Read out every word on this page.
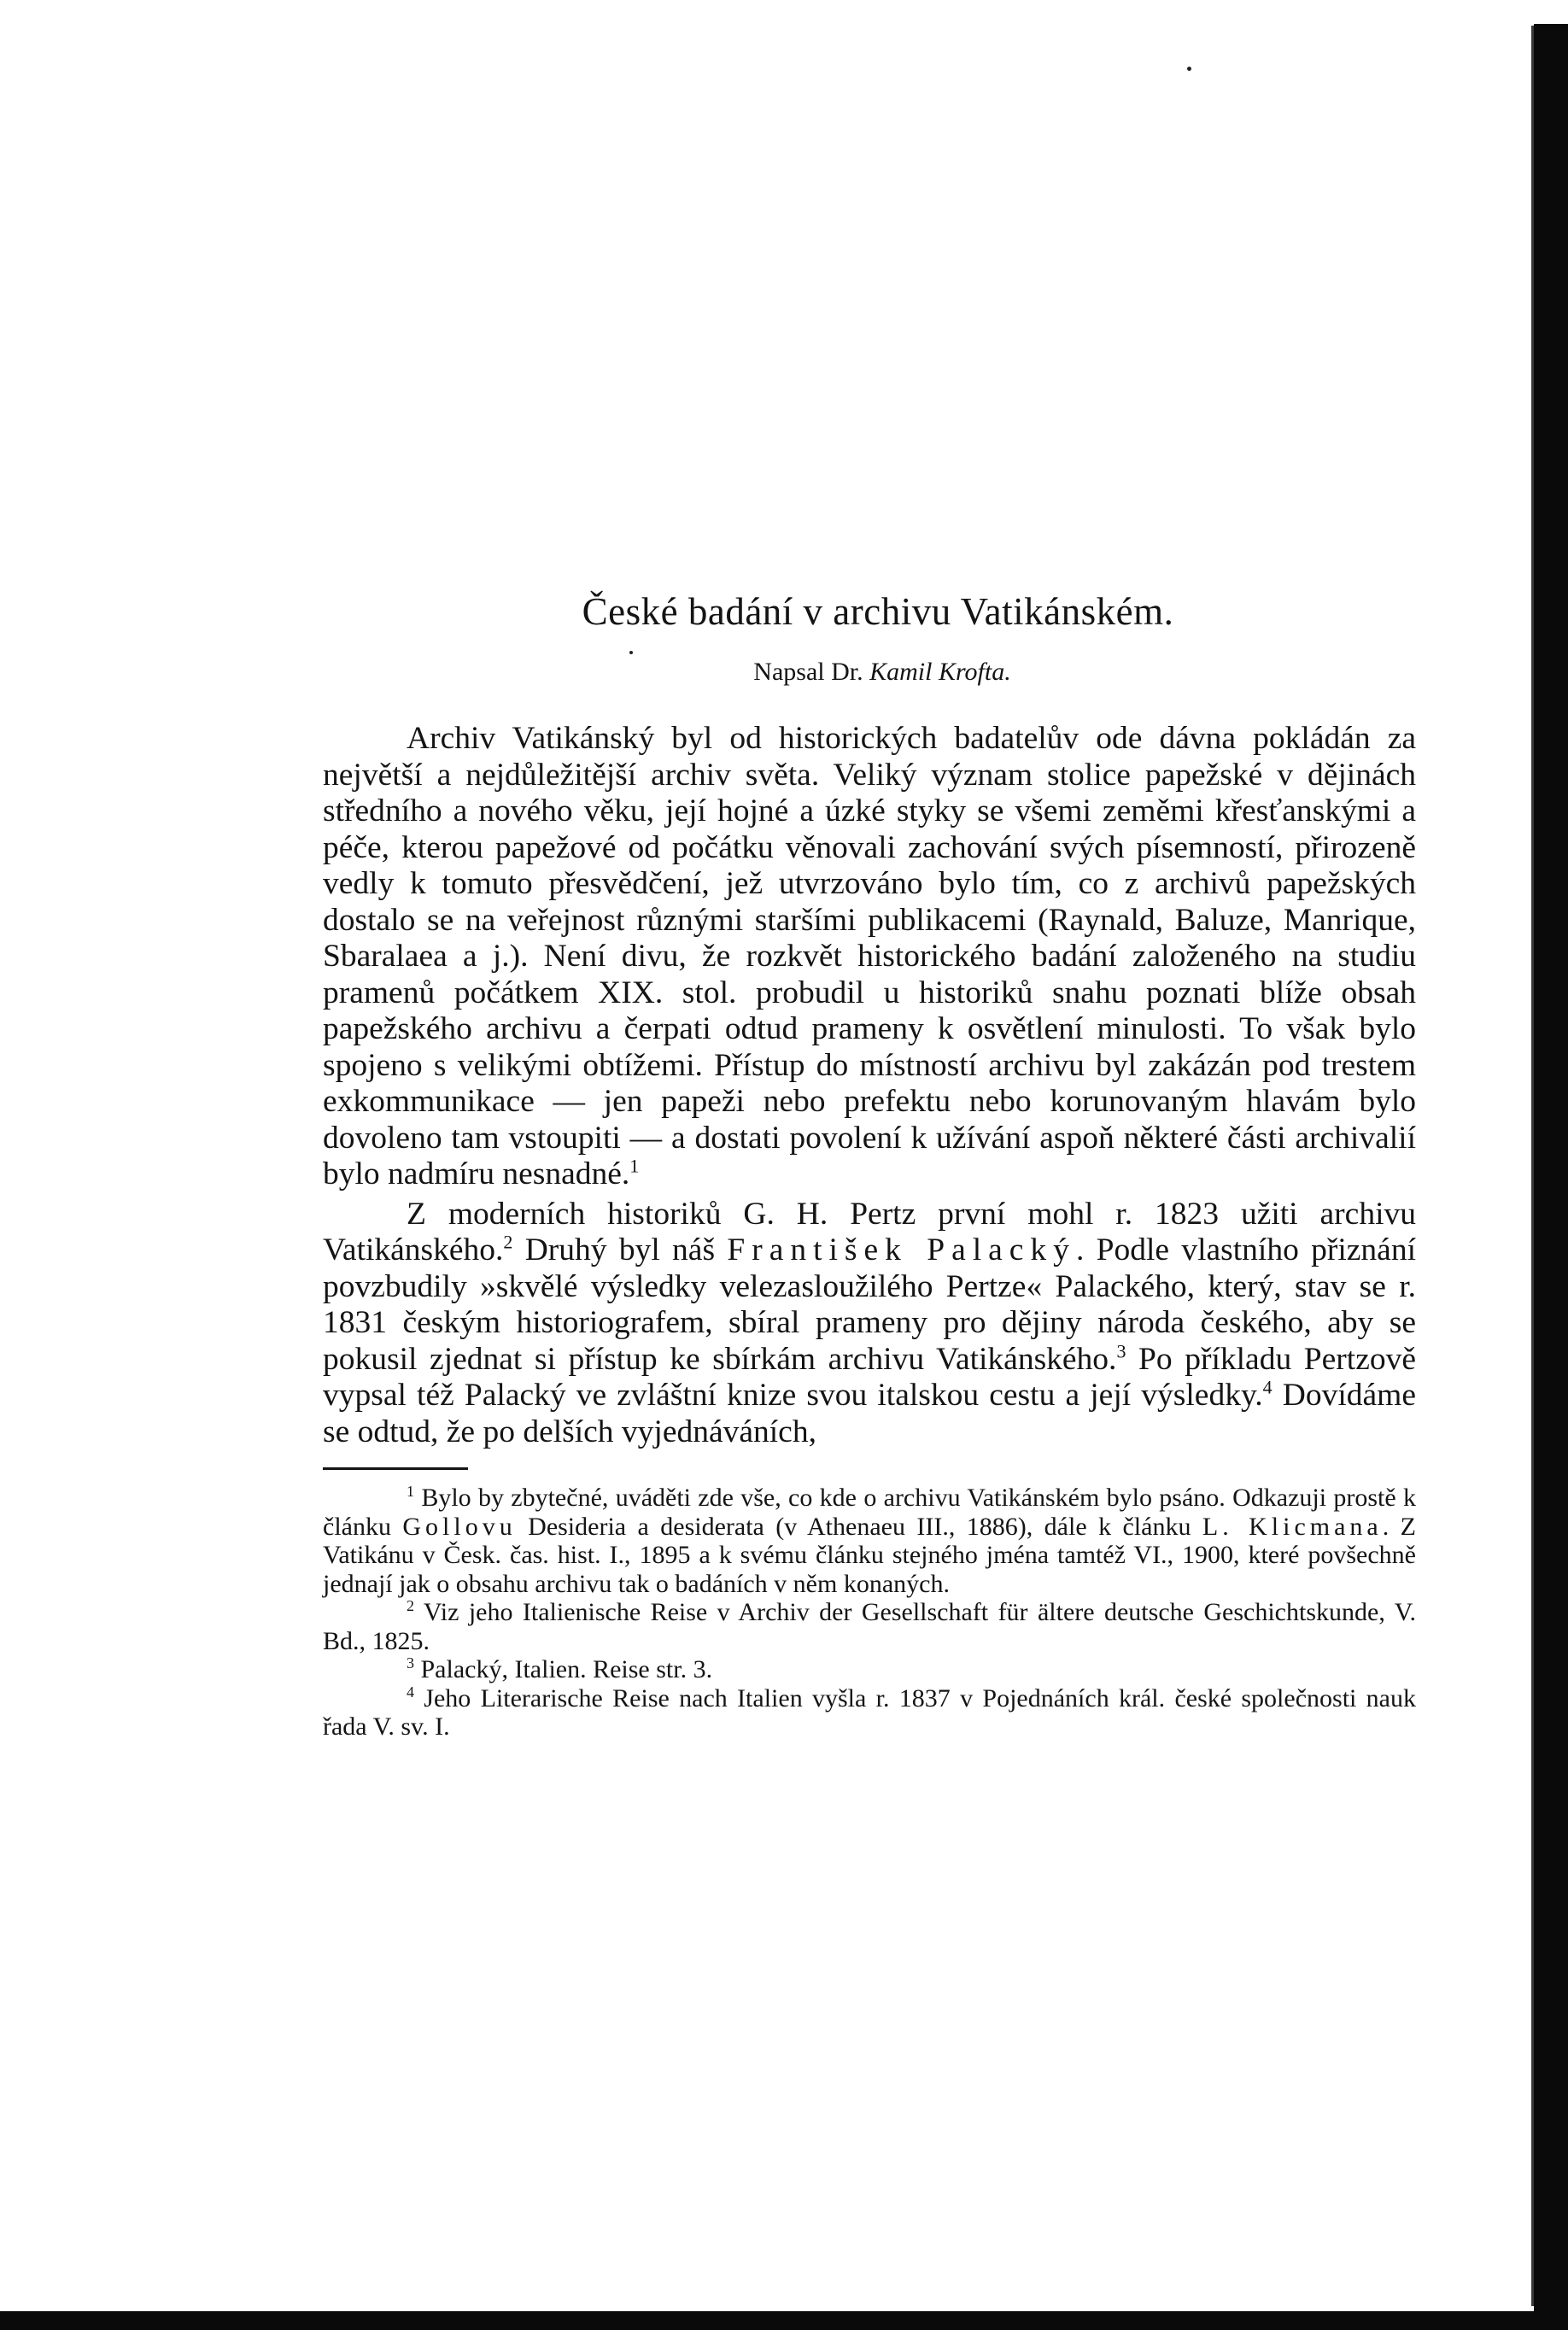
České badání v archivu Vatikánském.
Napsal Dr. Kamil Krofta.

Archiv Vatikánský byl od historických badatelův ode dávna pokládán za největší a nejdůležitější archiv světa. Veliký význam stolice papežské v dějinách středního a nového věku, její hojné a úzké styky se všemi zeměmi křesťanskými a péče, kterou papežové od počátku věnovali zachování svých písemností, přirozeně vedly k tomuto přesvědčení, jež utvrzováno bylo tím, co z archivů papežských dostalo se na veřejnost různými staršími publikacemi (Raynald, Baluze, Manrique, Sbaralaea a j.). Není divu, že rozkvět historického badání založeného na studiu pramenů počátkem XIX. stol. probudil u historiků snahu poznati blíže obsah papežského archivu a čerpati odtud prameny k osvětlení minulosti. To však bylo spojeno s velikými obtížemi. Přístup do místností archivu byl zakázán pod trestem exkommunikace — jen papeži nebo prefektu nebo korunovaným hlavám bylo dovoleno tam vstoupiti — a dostati povolení k užívání aspoň některé části archivalií bylo nadmíru nesnadné.$^1$

Z moderních historiků G. H. Pertz první mohl r. 1823 užiti archivu Vatikánského.$^2$ Druhý byl náš František Palacký. Podle vlastního přiznání povzbudily »skvělé výsledky velezasloužilého Pertze« Palackého, který, stav se r. 1831 českým historiografem, sbíral prameny pro dějiny národa českého, aby se pokusil zjednat si přístup ke sbírkám archivu Vatikánského.$^3$ Po příkladu Pertzově vypsal též Palacký ve zvláštní knize svou italskou cestu a její výsledky.$^4$ Dovídáme se odtud, že po delších vyjednáváních,

$^1$ Bylo by zbytečné, uváděti zde vše, co kde o archivu Vatikánském bylo psáno. Odkazuji prostě k článku Gollovu Desideria a desiderata (v Athenaeu III., 1886), dále k článku L. Klicmana. Z Vatikánu v Česk. čas. hist. I., 1895 a k svému článku stejného jména tamtéž VI., 1900, které povšechně jednají jak o obsahu archivu tak o badáních v něm konaných.

$^2$ Viz jeho Italienische Reise v Archiv der Gesellschaft für ältere deutsche Geschichtskunde, V. Bd., 1825.

$^3$ Palacký, Italien. Reise str. 3.

$^4$ Jeho Literarische Reise nach Italien vyšla r. 1837 v Pojednáních král. české společnosti nauk řada V. sv. I.
